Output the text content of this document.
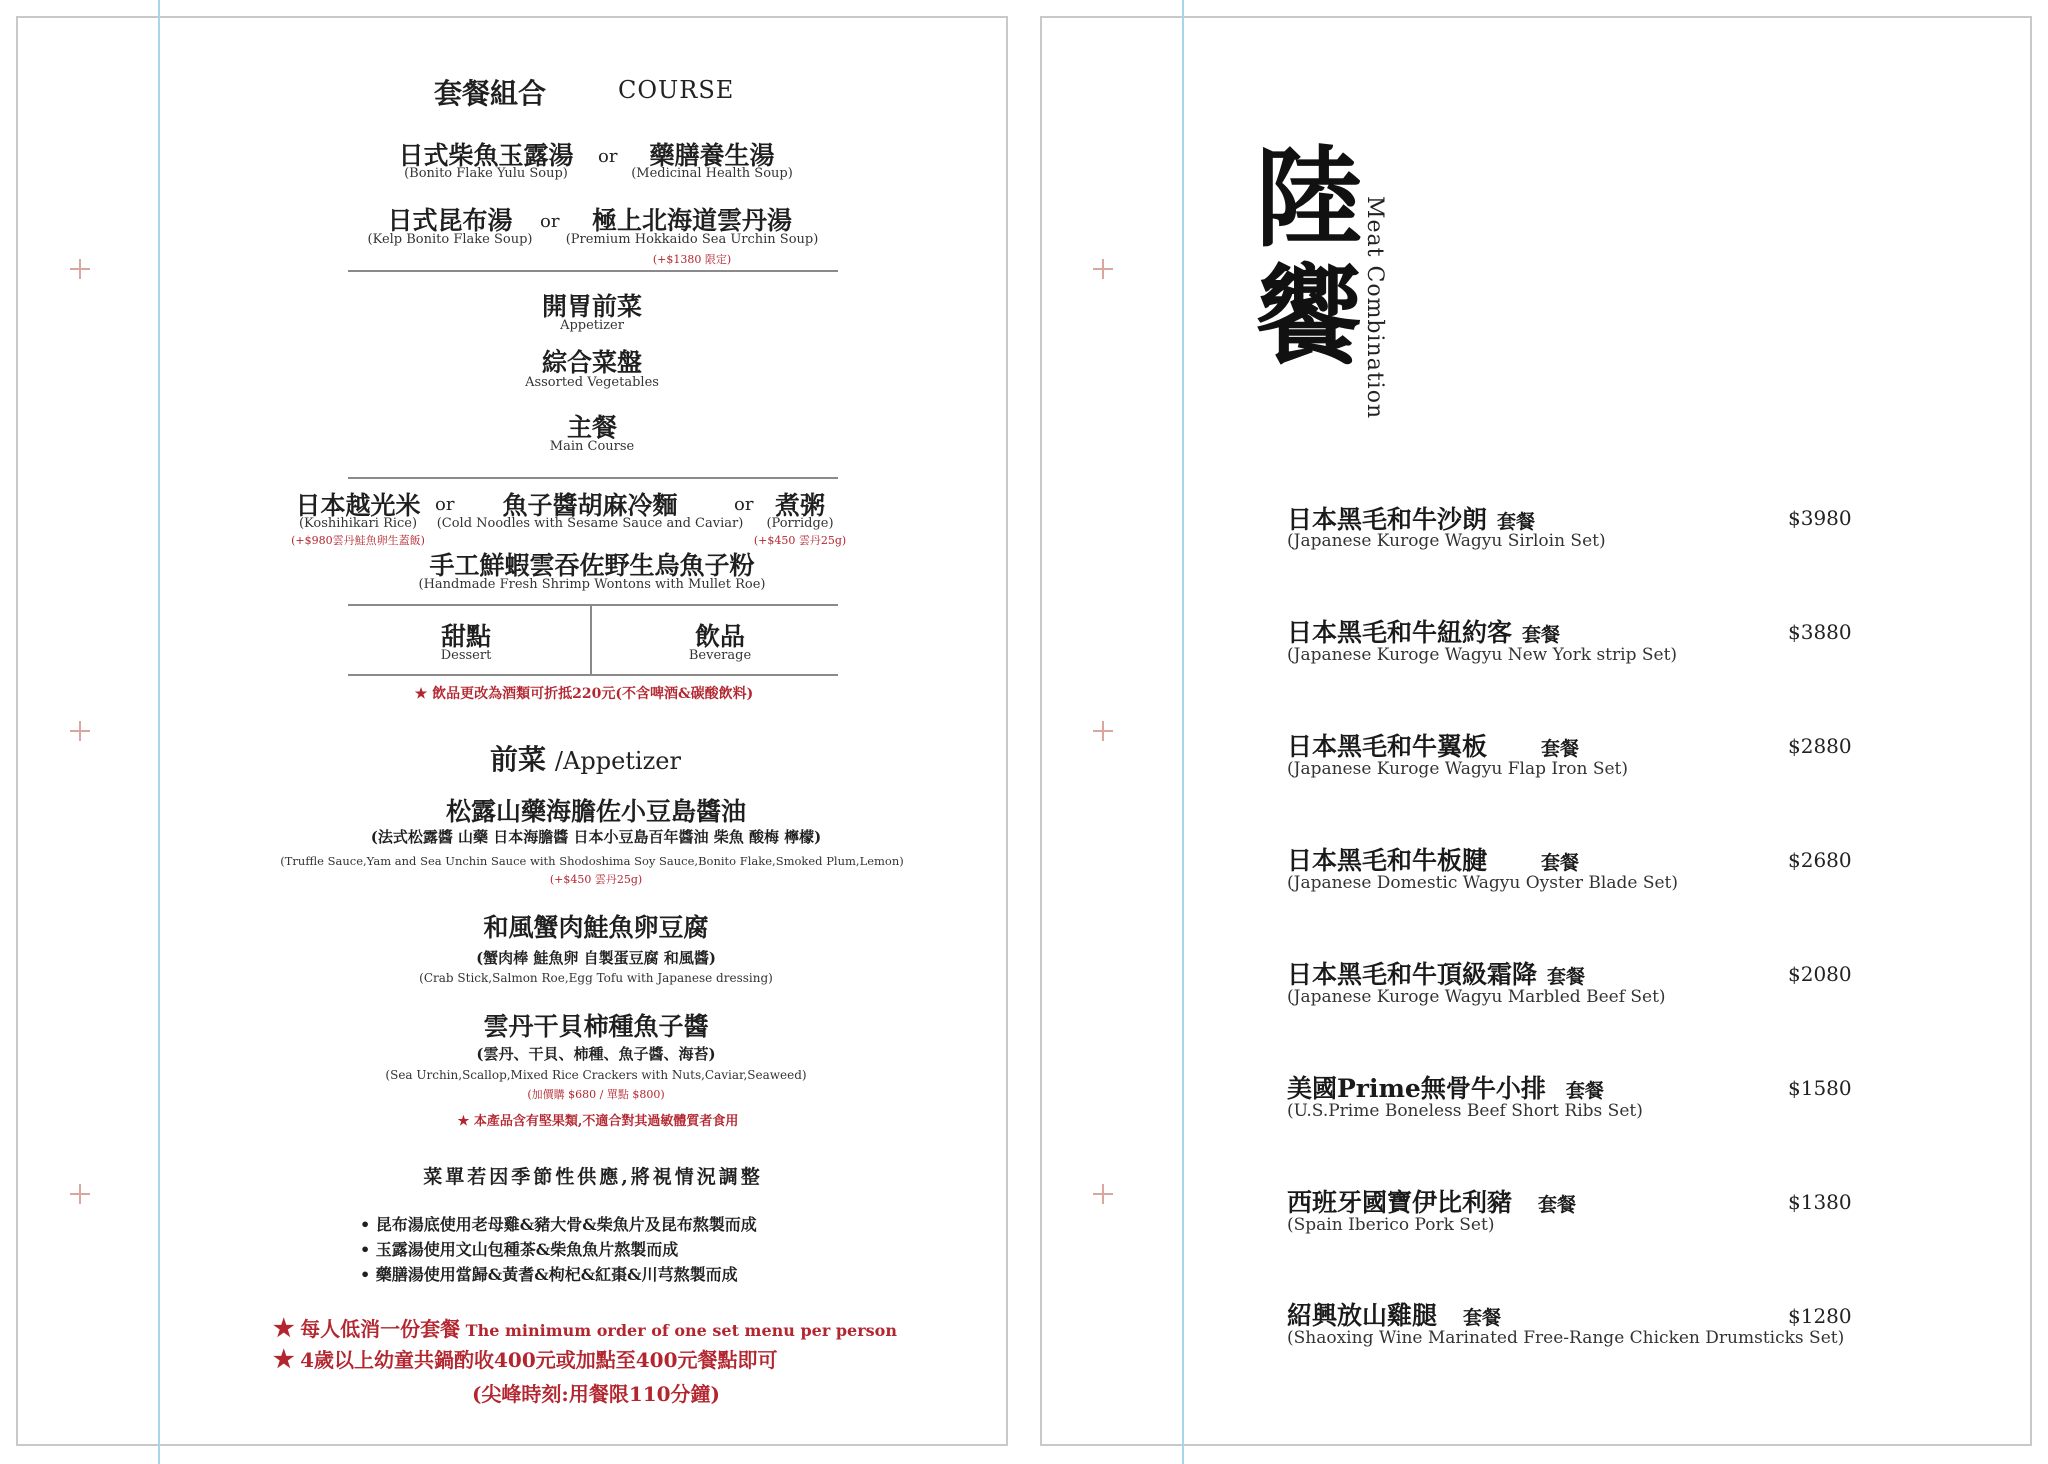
套餐組合	COURSE
日式柴魚玉露湯
(Bonito Flake Yulu Soup)
or 藥膳養生湯
(Medicinal Health Soup)
日式昆布湯
(Kelp Bonito Flake Soup)
or 極上北海道雲丹湯
(Premium Hokkaido Sea Urchin Soup)
(+$1380 限定)
開胃前菜
Appetizer
綜合菜盤
Assorted Vegetables
主餐
Main Course
日本越光米
(Koshihikari Rice)
(+$980雲丹鮭魚卵生蓋飯)
or 魚子醬胡麻冷麵
(Cold Noodles with Sesame Sauce and Caviar)
or 煮粥
(Porridge)
(+$450 雲丹25g)
手工鮮蝦雲吞佐野生烏魚子粉
(Handmade Fresh Shrimp Wontons with Mullet Roe)
甜點
Dessert
飲品
Beverage
★ 飲品更改為酒類可折抵220元(不含啤酒&碳酸飲料)
前菜 /Appetizer
松露山藥海膽佐小豆島醬油
(法式松露醬 山藥 日本海膽醬 日本小豆島百年醬油 柴魚 酸梅 檸檬)
(Truffle Sauce,Yam and Sea Unchin Sauce with Shodoshima Soy Sauce,Bonito Flake,Smoked Plum,Lemon)
(+$450 雲丹25g)
和風蟹肉鮭魚卵豆腐
(蟹肉棒 鮭魚卵 自製蛋豆腐 和風醬)
(Crab Stick,Salmon Roe,Egg Tofu with Japanese dressing)
雲丹干貝柿種魚子醬
(雲丹、干貝、柿種、魚子醬、海苔)
(Sea Urchin,Scallop,Mixed Rice Crackers with Nuts,Caviar,Seaweed)
(加價購 $680 / 單點 $800)
★ 本產品含有堅果類,不適合對其過敏體質者食用
菜單若因季節性供應,將視情況調整
• 昆布湯底使用老母雞&豬大骨&柴魚片及昆布熬製而成
• 玉露湯使用文山包種茶&柴魚魚片熬製而成
• 藥膳湯使用當歸&黃耆&枸杞&紅棗&川芎熬製而成
★ 每人低消一份套餐 The minimum order of one set menu per person
★ 4歲以上幼童共鍋酌收400元或加點至400元餐點即可
(尖峰時刻:用餐限110分鐘)
陸饗
Meat Combination
日本黑毛和牛沙朗 套餐
(Japanese Kuroge Wagyu Sirloin Set)
$3980
日本黑毛和牛紐約客 套餐
(Japanese Kuroge Wagyu New York strip Set)
$3880
日本黑毛和牛翼板	套餐
(Japanese Kuroge Wagyu Flap Iron Set)
$2880
日本黑毛和牛板腱	套餐
(Japanese Domestic Wagyu Oyster Blade Set)
$2680
日本黑毛和牛頂級霜降 套餐
(Japanese Kuroge Wagyu Marbled Beef Set)
$2080
美國Prime無骨牛小排 套餐
(U.S.Prime Boneless Beef Short Ribs Set)
$1580
西班牙國寶伊比利豬 套餐
(Spain Iberico Pork Set)
$1380
紹興放山雞腿 套餐
(Shaoxing Wine Marinated Free-Range Chicken Drumsticks Set)
$1280
